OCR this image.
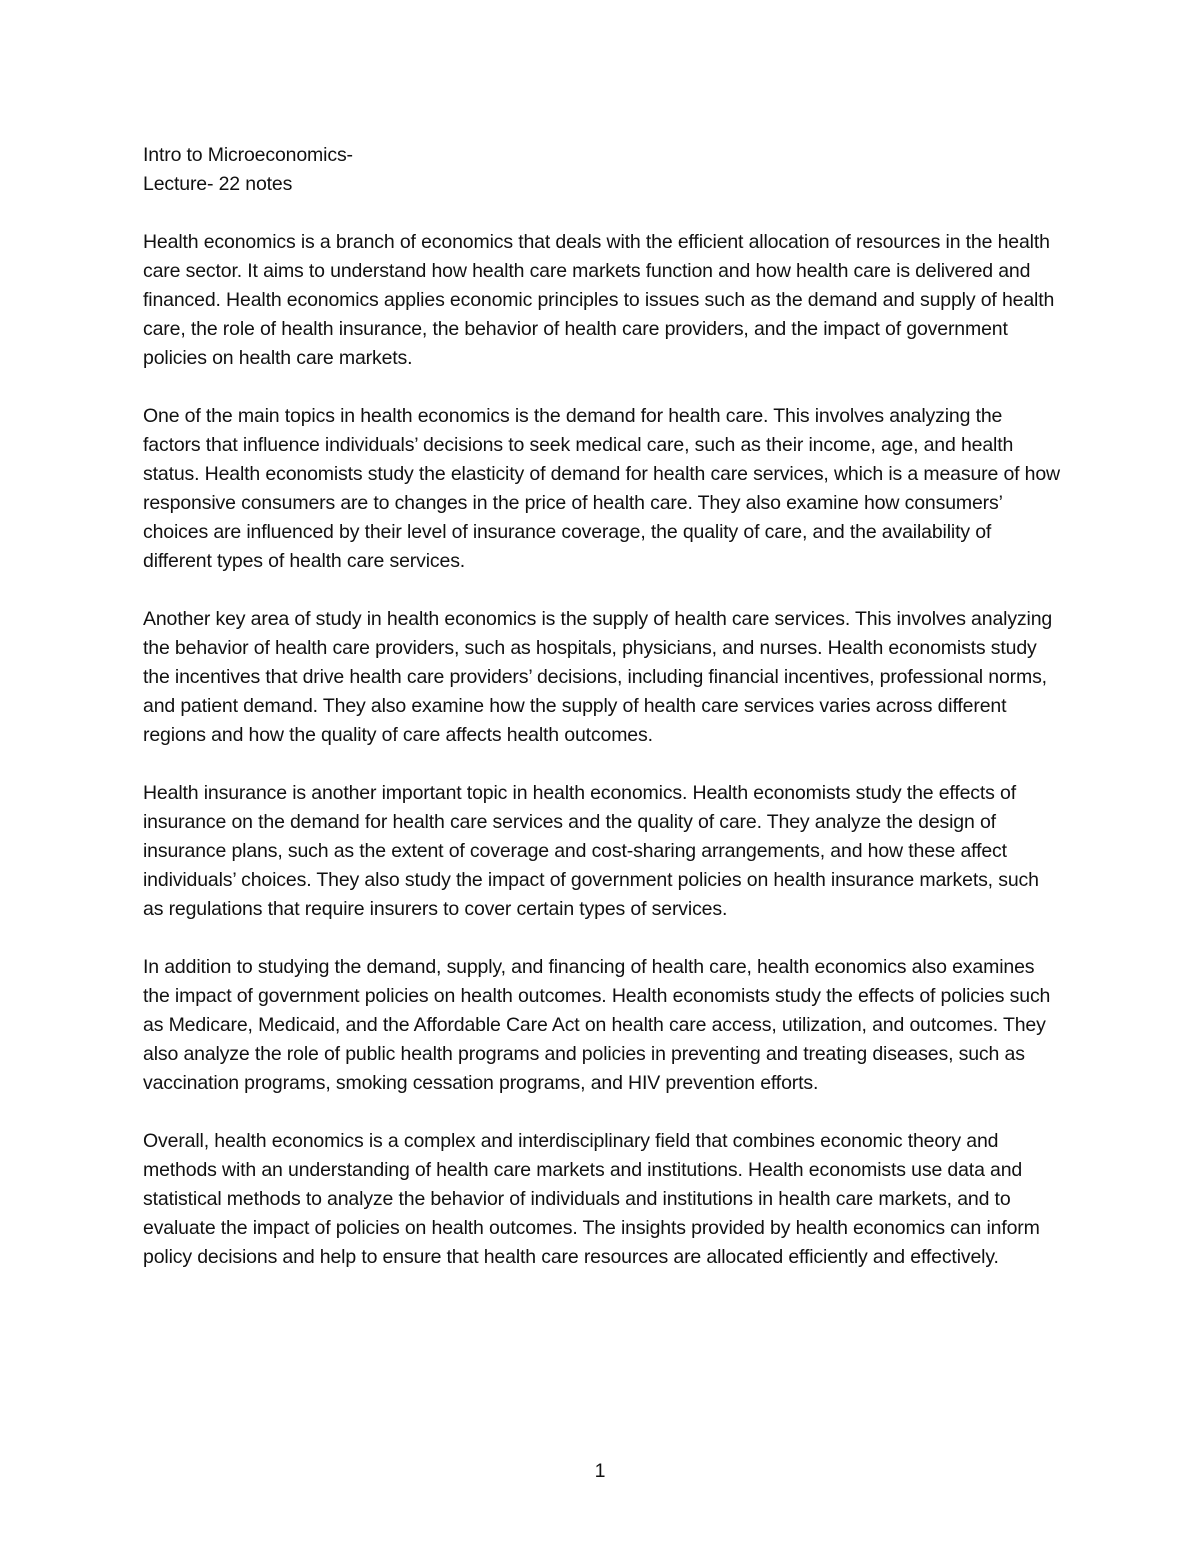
Intro to Microeconomics-

Lecture- 22 notes

Health economics is a branch of economics that deals with the efficient allocation of resources in the health care sector. It aims to understand how health care markets function and how health care is delivered and financed. Health economics applies economic principles to issues such as the demand and supply of health care, the role of health insurance, the behavior of health care providers, and the impact of government policies on health care markets.

One of the main topics in health economics is the demand for health care. This involves analyzing the factors that influence individuals’ decisions to seek medical care, such as their income, age, and health status. Health economists study the elasticity of demand for health care services, which is a measure of how responsive consumers are to changes in the price of health care. They also examine how consumers’ choices are influenced by their level of insurance coverage, the quality of care, and the availability of different types of health care services.

Another key area of study in health economics is the supply of health care services. This involves analyzing the behavior of health care providers, such as hospitals, physicians, and nurses. Health economists study the incentives that drive health care providers’ decisions, including financial incentives, professional norms, and patient demand. They also examine how the supply of health care services varies across different regions and how the quality of care affects health outcomes.

Health insurance is another important topic in health economics. Health economists study the effects of insurance on the demand for health care services and the quality of care. They analyze the design of insurance plans, such as the extent of coverage and cost-sharing arrangements, and how these affect individuals’ choices. They also study the impact of government policies on health insurance markets, such as regulations that require insurers to cover certain types of services.

In addition to studying the demand, supply, and financing of health care, health economics also examines the impact of government policies on health outcomes. Health economists study the effects of policies such as Medicare, Medicaid, and the Affordable Care Act on health care access, utilization, and outcomes. They also analyze the role of public health programs and policies in preventing and treating diseases, such as vaccination programs, smoking cessation programs, and HIV prevention efforts.

Overall, health economics is a complex and interdisciplinary field that combines economic theory and methods with an understanding of health care markets and institutions. Health economists use data and statistical methods to analyze the behavior of individuals and institutions in health care markets, and to evaluate the impact of policies on health outcomes. The insights provided by health economics can inform policy decisions and help to ensure that health care resources are allocated efficiently and effectively.

1
